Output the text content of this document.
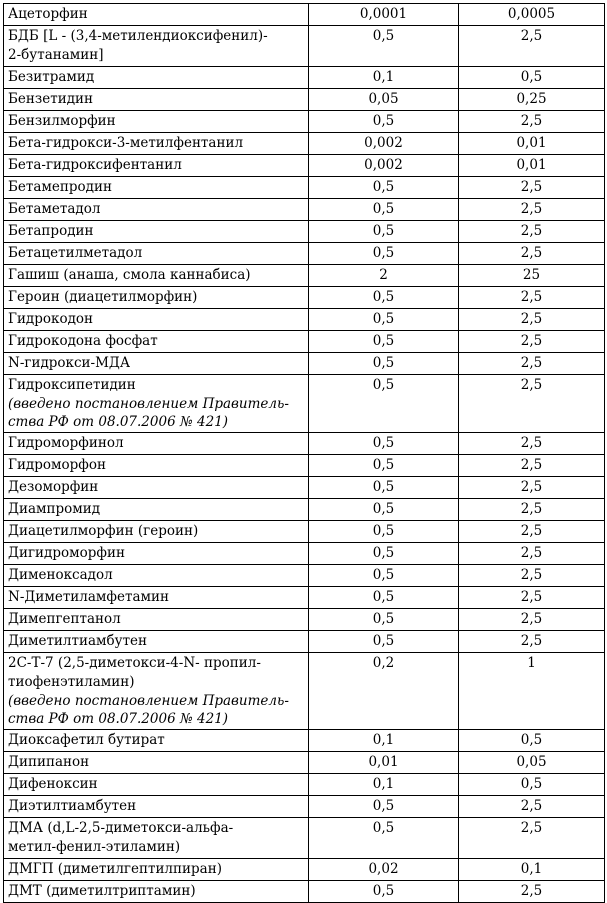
Ацеторфин	0,0001	0,0005

БДБ [L - (3,4-метилендиоксифенил)-
2-бутанамин]	0,5	2,5

Безитрамид	0,1	0,5

Бензетидин	0,05	0,25

Бензилморфин	0,5	2,5

Бета-гидрокси-3-метилфентанил	0,002	0,01

Бета-гидроксифентанил	0,002	0,01

Бетамепродин	0,5	2,5

Бетаметадол	0,5	2,5

Бетапродин	0,5	2,5

Бетацетилметадол	0,5	2,5

Гашиш (анаша, смола каннабиса)	2	25

Героин (диацетилморфин)	0,5	2,5

Гидрокодон	0,5	2,5

Гидрокодона фосфат	0,5	2,5

N-гидрокси-МДА	0,5	2,5

Гидроксипетидин
(введено постановлением Правитель-
ства РФ от 08.07.2006 № 421)	0,5	2,5

Гидроморфинол	0,5	2,5

Гидроморфон	0,5	2,5

Дезоморфин	0,5	2,5

Диампромид	0,5	2,5

Диацетилморфин (героин)	0,5	2,5

Дигидроморфин	0,5	2,5

Дименоксадол	0,5	2,5

N-Диметиламфетамин	0,5	2,5

Димепгептанол	0,5	2,5

Диметилтиамбутен	0,5	2,5

2С-Т-7 (2,5-диметокси-4-N- пропил-
тиофенэтиламин)
(введено постановлением Правитель-
ства РФ от 08.07.2006 № 421)	0,2	1

Диоксафетил бутират	0,1	0,5

Дипипанон	0,01	0,05

Дифеноксин	0,1	0,5

Диэтилтиамбутен	0,5	2,5

ДМА (d,L-2,5-диметокси-альфа-
метил-фенил-этиламин)	0,5	2,5

ДМГП (диметилгептилпиран)	0,02	0,1

ДМТ (диметилтриптамин)	0,5	2,5
